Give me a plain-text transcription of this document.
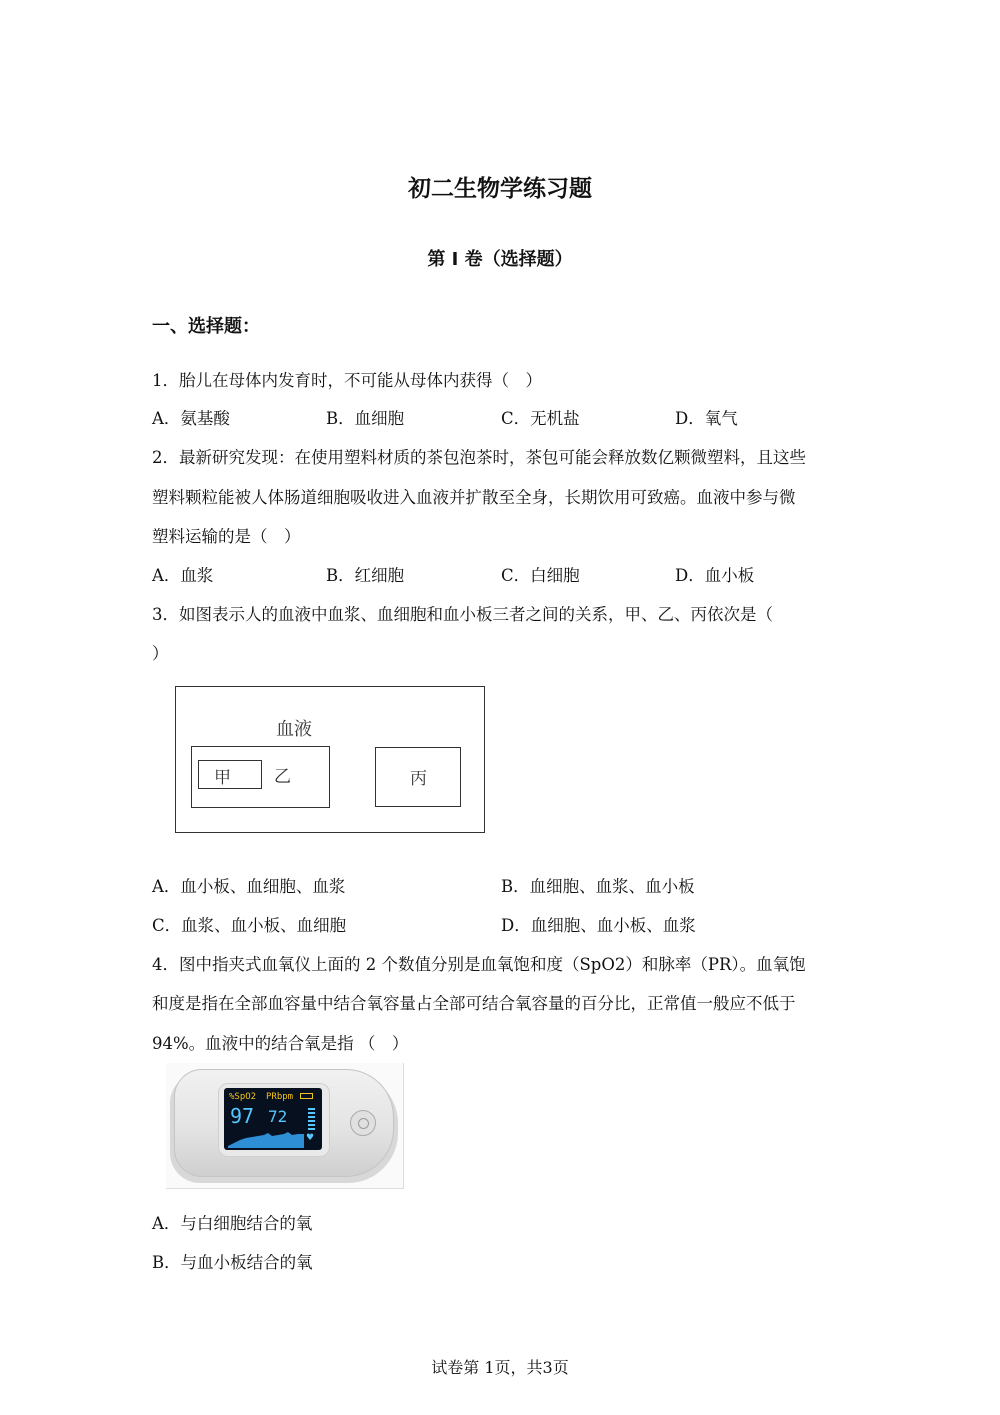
初二生物学练习题
第 I 卷（选择题）
一、选择题：
1．胎儿在母体内发育时，不可能从母体内获得（　）
A．氨基酸	B．血细胞	C．无机盐	D．氧气
2．最新研究发现：在使用塑料材质的茶包泡茶时，茶包可能会释放数亿颗微塑料，且这些
塑料颗粒能被人体肠道细胞吸收进入血液并扩散至全身，长期饮用可致癌。血液中参与微
塑料运输的是（　）
A．血浆	B．红细胞	C．白细胞	D．血小板
3．如图表示人的血液中血浆、血细胞和血小板三者之间的关系，甲、乙、丙依次是（
）
血液
甲	乙	丙
A．血小板、血细胞、血浆	B．血细胞、血浆、血小板
C．血浆、血小板、血细胞	D．血细胞、血小板、血浆
4．图中指夹式血氧仪上面的 2 个数值分别是血氧饱和度（SpO2）和脉率（PR）。血氧饱
和度是指在全部血容量中结合氧容量占全部可结合氧容量的百分比，正常值一般应不低于
94%。血液中的结合氧是指 （　）
%SpO2 PRbpm
97 72
♥
A．与白细胞结合的氧
B．与血小板结合的氧
试卷第 1页，共3页
